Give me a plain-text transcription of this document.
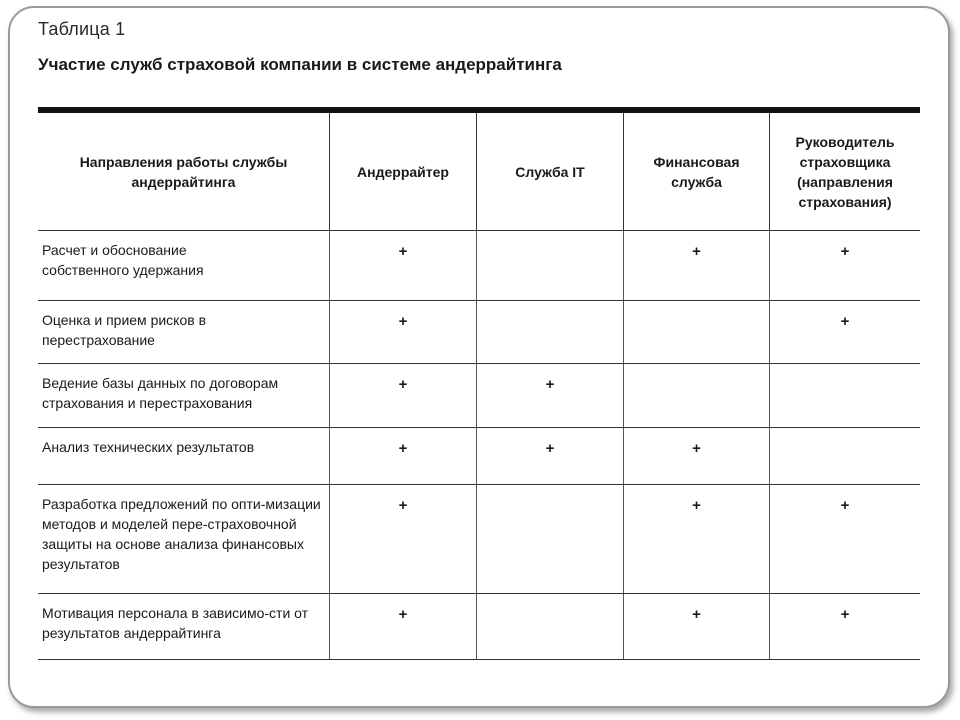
Таблица 1
Участие служб страховой компании в системе андеррайтинга
Направления работы службы андеррайтинга	Андеррайтер	Служба IT	Финансовая служба	Руководитель страховщика (направления страхования)
Расчет и обоснование собственного удержания	+		+	+
Оценка и прием рисков в перестрахование	+			+
Ведение базы данных по договорам страхования и перестрахования	+	+		
Анализ технических результатов	+	+	+	
Разработка предложений по опти-мизации методов и моделей пере-страховочной защиты на основе анализа финансовых результатов	+		+	+
Мотивация персонала в зависимо-сти от результатов андеррайтинга	+		+	+
